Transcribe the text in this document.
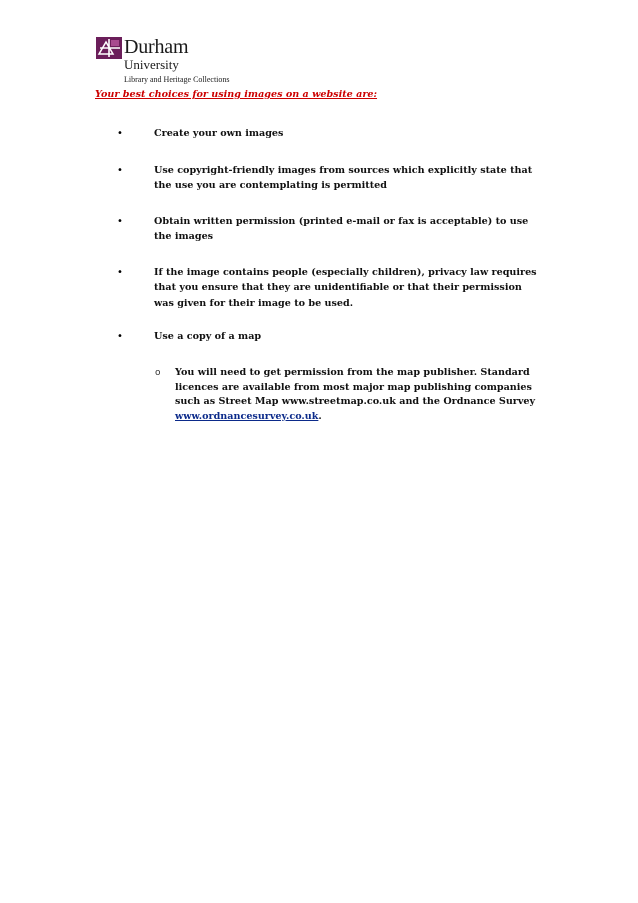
Durham
University
Library and Heritage Collections
Your best choices for using images on a website are:
•	Create your own images
•	Use copyright-friendly images from sources which explicitly state that the use you are contemplating is permitted
•	Obtain written permission (printed e-mail or fax is acceptable) to use the images
•	If the image contains people (especially children), privacy law requires that you ensure that they are unidentifiable or that their permission was given for their image to be used.
•	Use a copy of a map
o You will need to get permission from the map publisher. Standard licences are available from most major map publishing companies such as Street Map www.streetmap.co.uk and the Ordnance Survey www.ordnancesurvey.co.uk.
